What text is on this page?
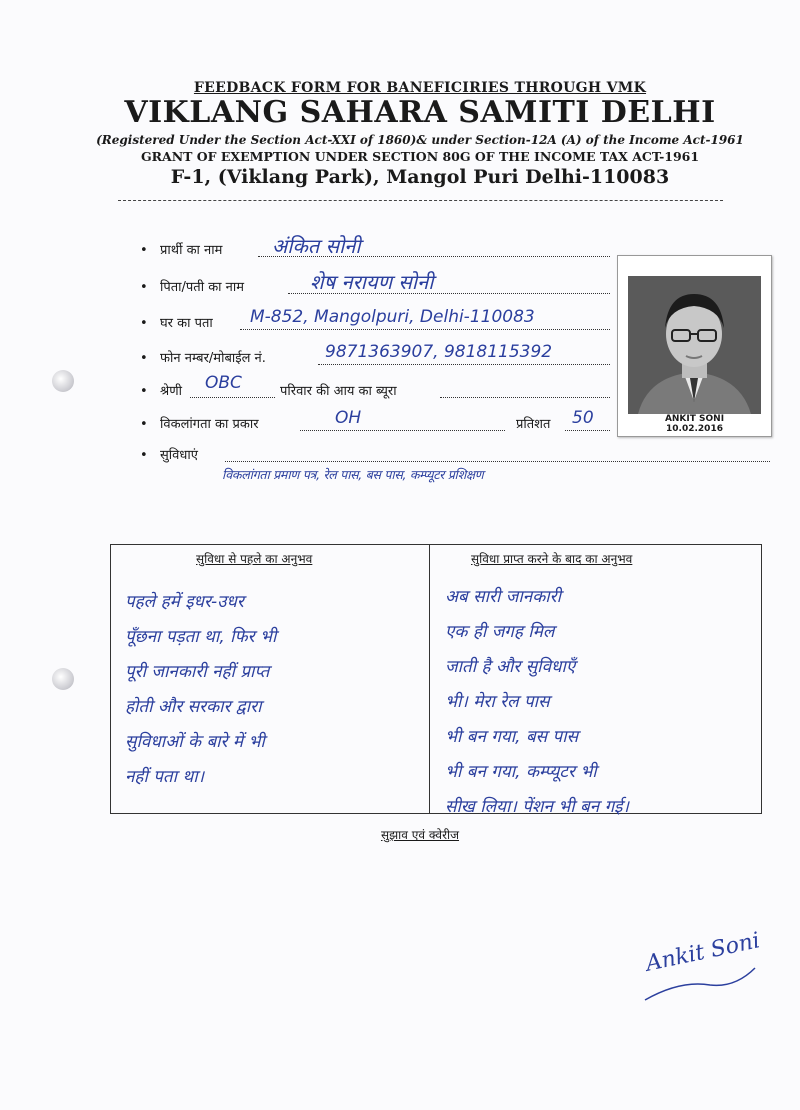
FEEDBACK FORM FOR BANEFICIRIES THROUGH VMK
VIKLANG SAHARA SAMITI DELHI
(Registered Under the Section Act-XXI of 1860)& under Section-12A (A) of the Income Act-1961
GRANT OF EXEMPTION UNDER SECTION 80G OF THE INCOME TAX ACT-1961
F-1, (Viklang Park), Mangol Puri Delhi-110083
• प्रार्थी का नाम अंकित सोनी
• पिता/पती का नाम	शेष नरायण सोनी
• घर का पता M-852, Mangolpuri, Delhi-110083
• फोन नम्बर/मोबाईल नं.	9871363907, 9818115392
• श्रेणी OBC	परिवार की आय का ब्यूरा
• विकलांगता का प्रकार	OH	प्रतिशत 50
• सुविधाएं
विकलांगता प्रमाण पत्र, रेल पास, बस पास, कम्प्यूटर प्रशिक्षण
ANKIT SONI
10.02.2016
सुविधा से पहले का अनुभव	सुविधा प्राप्त करने के बाद का अनुभव
पहले हमें इधर-उधर
पूँछना पड़ता था, फिर भी
पूरी जानकारी नहीं प्राप्त
होती और सरकार द्वारा
सुविधाओं के बारे में भी
नहीं पता था।
अब सारी जानकारी
एक ही जगह मिल
जाती है और सुविधाएँ
भी। मेरा रेल पास
भी बन गया, बस पास
भी बन गया, कम्प्यूटर भी
सीख लिया। पेंशन भी बन गई।
सुझाव एवं क्वेरीज
Ankit Soni
